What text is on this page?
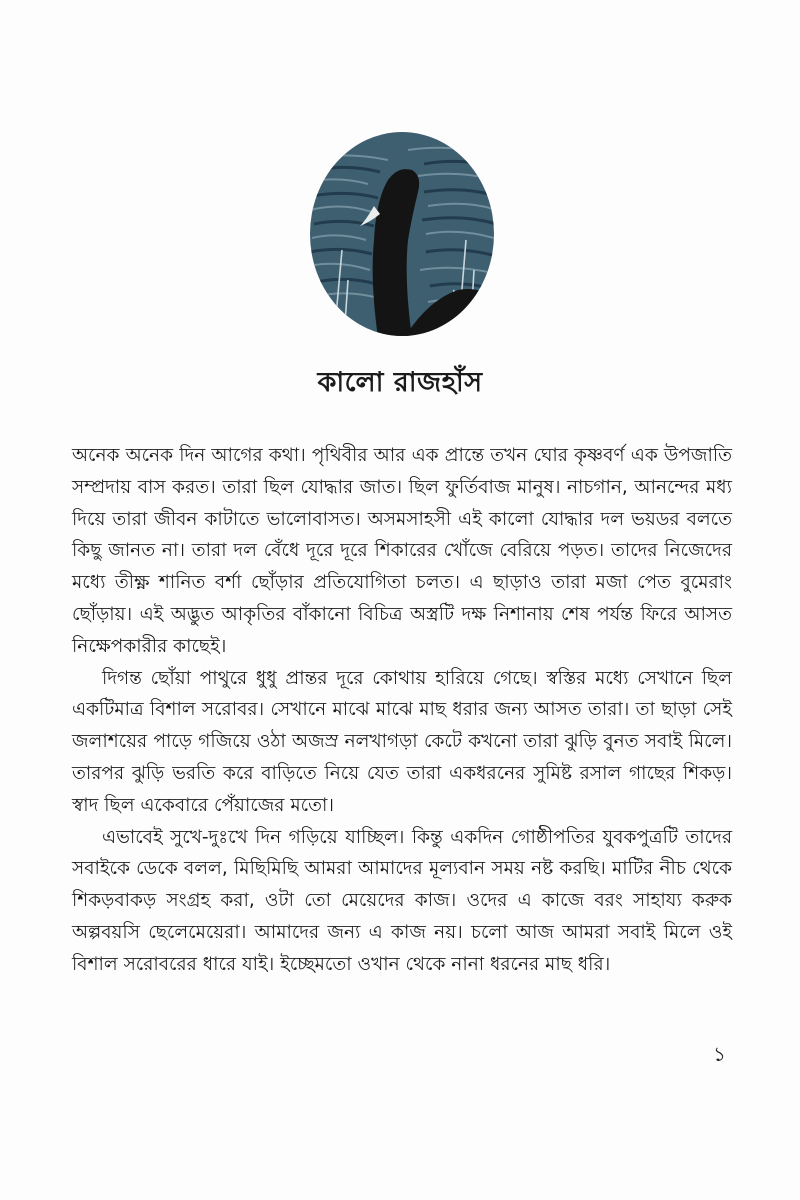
কালো রাজহাঁস

অনেক অনেক দিন আগের কথা। পৃথিবীর আর এক প্রান্তে তখন ঘোর কৃষ্ণবর্ণ এক উপজাতি সম্প্রদায় বাস করত। তারা ছিল যোদ্ধার জাত। ছিল ফুর্তিবাজ মানুষ। নাচগান, আনন্দের মধ্য দিয়ে তারা জীবন কাটাতে ভালোবাসত। অসমসাহসী এই কালো যোদ্ধার দল ভয়ডর বলতে কিছু জানত না। তারা দল বেঁধে দূরে দূরে শিকারের খোঁজে বেরিয়ে পড়ত। তাদের নিজেদের মধ্যে তীক্ষ্ণ শানিত বর্শা ছোঁড়ার প্রতিযোগিতা চলত। এ ছাড়াও তারা মজা পেত বুমেরাং ছোঁড়ায়। এই অদ্ভুত আকৃতির বাঁকানো বিচিত্র অস্ত্রটি দক্ষ নিশানায় শেষ পর্যন্ত ফিরে আসত নিক্ষেপকারীর কাছেই।

দিগন্ত ছোঁয়া পাথুরে ধুধু প্রান্তর দূরে কোথায় হারিয়ে গেছে। স্বস্তির মধ্যে সেখানে ছিল একটিমাত্র বিশাল সরোবর। সেখানে মাঝে মাঝে মাছ ধরার জন্য আসত তারা। তা ছাড়া সেই জলাশয়ের পাড়ে গজিয়ে ওঠা অজস্র নলখাগড়া কেটে কখনো তারা ঝুড়ি বুনত সবাই মিলে। তারপর ঝুড়ি ভরতি করে বাড়িতে নিয়ে যেত তারা একধরনের সুমিষ্ট রসাল গাছের শিকড়। স্বাদ ছিল একেবারে পেঁয়াজের মতো।

এভাবেই সুখে-দুঃখে দিন গড়িয়ে যাচ্ছিল। কিন্তু একদিন গোষ্ঠীপতির যুবকপুত্রটি তাদের সবাইকে ডেকে বলল, মিছিমিছি আমরা আমাদের মূল্যবান সময় নষ্ট করছি। মাটির নীচ থেকে শিকড়বাকড় সংগ্রহ করা, ওটা তো মেয়েদের কাজ। ওদের এ কাজে বরং সাহায্য করুক অল্পবয়সি ছেলেমেয়েরা। আমাদের জন্য এ কাজ নয়। চলো আজ আমরা সবাই মিলে ওই বিশাল সরোবরের ধারে যাই। ইচ্ছেমতো ওখান থেকে নানা ধরনের মাছ ধরি।

১
